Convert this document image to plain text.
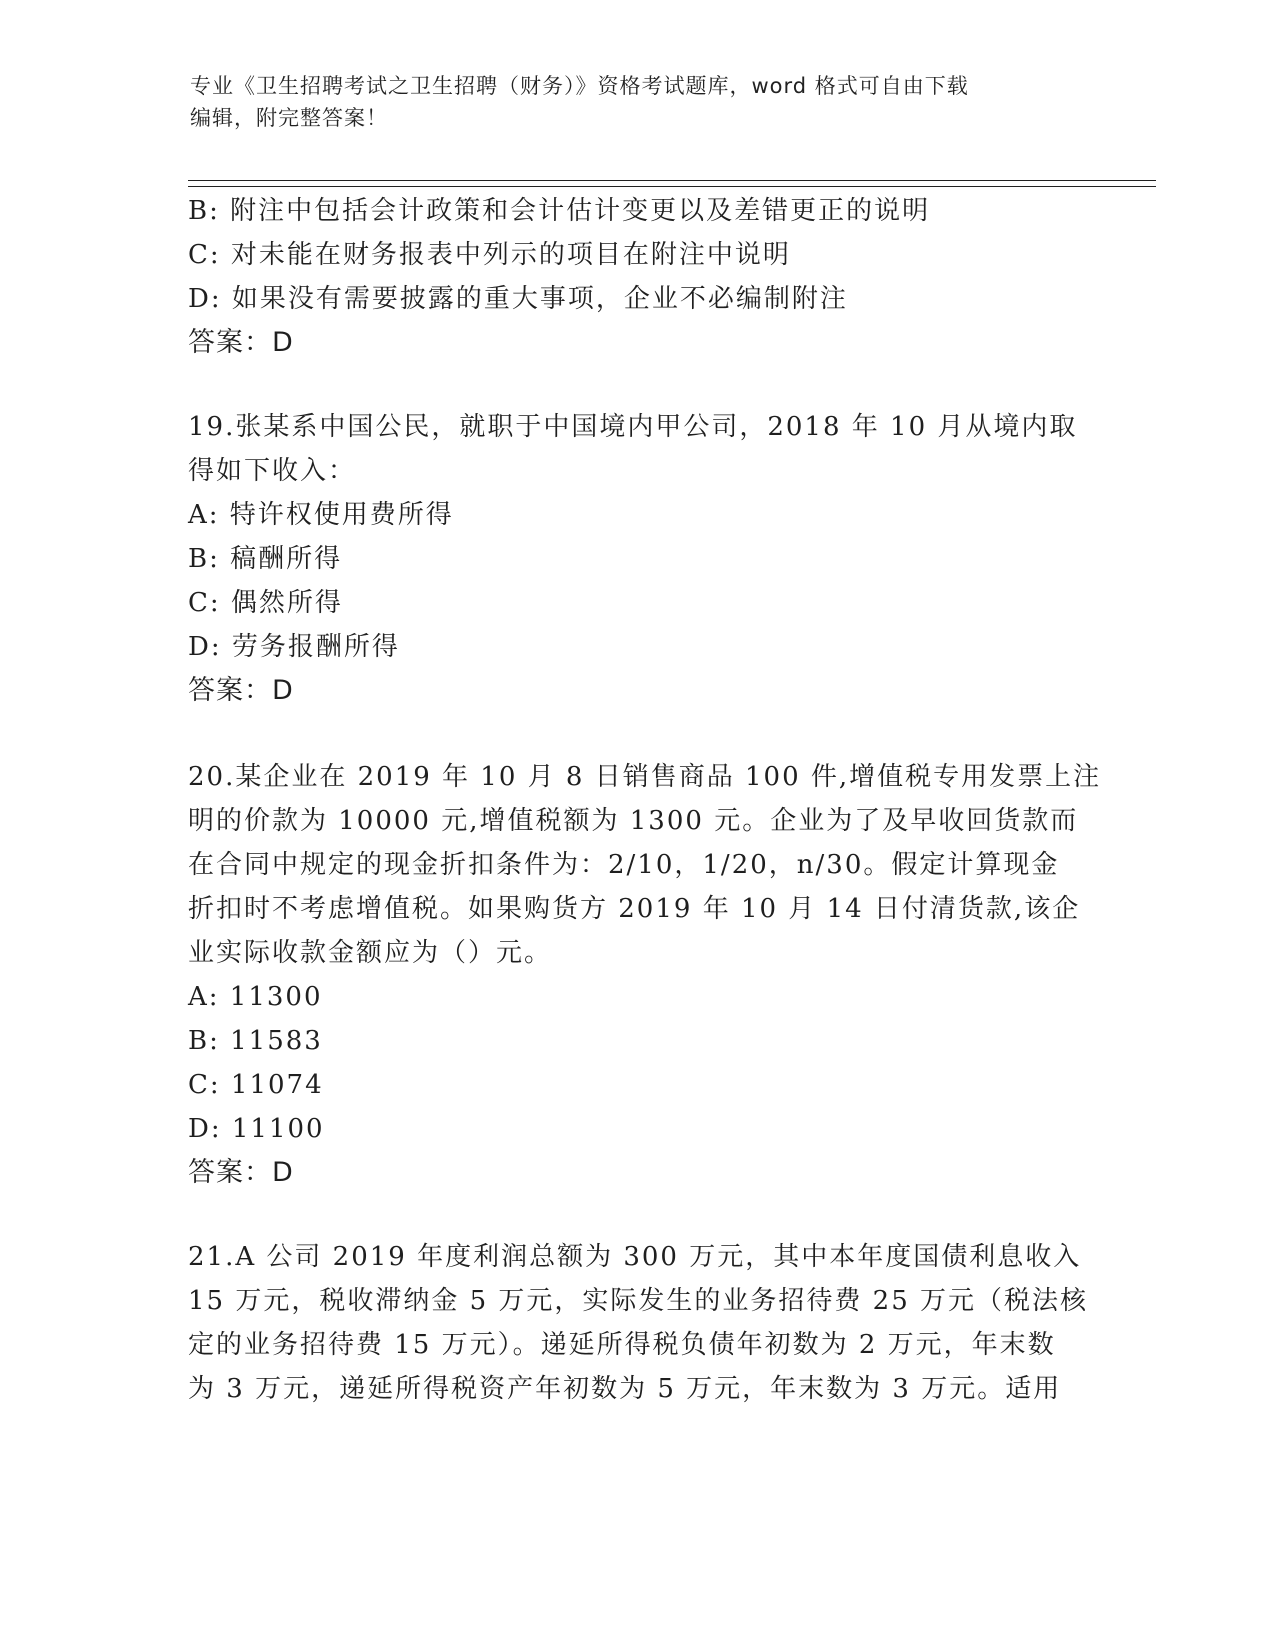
专业《卫生招聘考试之卫生招聘（财务）》资格考试题库，word 格式可自由下载
编辑，附完整答案！
B: 附注中包括会计政策和会计估计变更以及差错更正的说明
C: 对未能在财务报表中列示的项目在附注中说明
D: 如果没有需要披露的重大事项，企业不必编制附注
答案：D
19.张某系中国公民，就职于中国境内甲公司，2018 年 10 月从境内取
得如下收入：
A: 特许权使用费所得
B: 稿酬所得
C: 偶然所得
D: 劳务报酬所得
答案：D
20.某企业在 2019 年 10 月 8 日销售商品 100 件,增值税专用发票上注
明的价款为 10000 元,增值税额为 1300 元。企业为了及早收回货款而
在合同中规定的现金折扣条件为：2/10，1/20，n/30。假定计算现金
折扣时不考虑增值税。如果购货方 2019 年 10 月 14 日付清货款,该企
业实际收款金额应为（）元。
A: 11300
B: 11583
C: 11074
D: 11100
答案：D
21.A 公司 2019 年度利润总额为 300 万元，其中本年度国债利息收入
15 万元，税收滞纳金 5 万元，实际发生的业务招待费 25 万元（税法核
定的业务招待费 15 万元）。递延所得税负债年初数为 2 万元，年末数
为 3 万元，递延所得税资产年初数为 5 万元，年末数为 3 万元。适用
